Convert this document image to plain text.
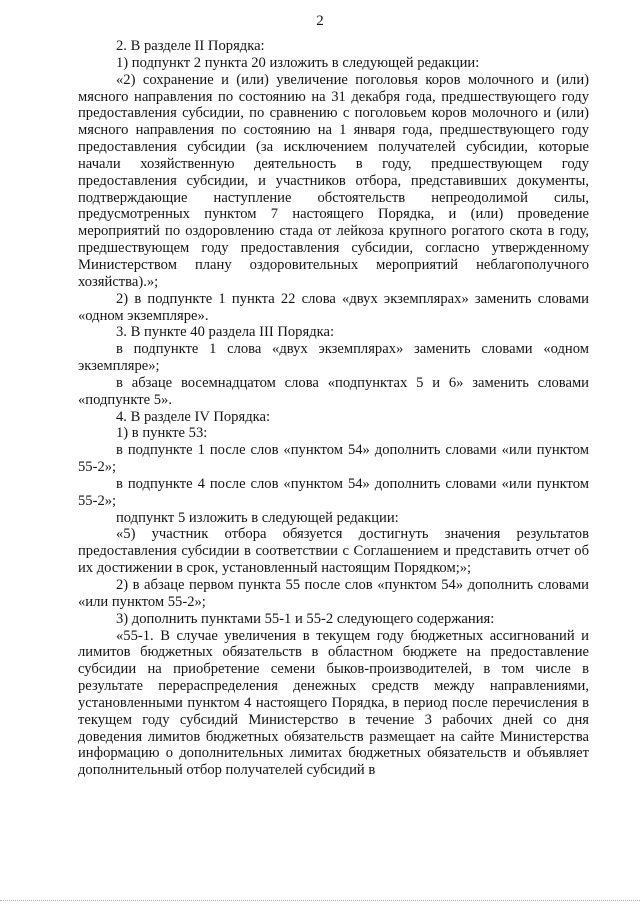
2

2. В разделе II Порядка:

1) подпункт 2 пункта 20 изложить в следующей редакции:

«2) сохранение и (или) увеличение поголовья коров молочного и (или) мясного направления по состоянию на 31 декабря года, предшествующего году предоставления субсидии, по сравнению с поголовьем коров молочного и (или) мясного направления по состоянию на 1 января года, предшествующего году предоставления субсидии (за исключением получателей субсидии, которые начали хозяйственную деятельность в году, предшествующем году предоставления субсидии, и участников отбора, представивших документы, подтверждающие наступление обстоятельств непреодолимой силы, предусмотренных пунктом 7 настоящего Порядка, и (или) проведение мероприятий по оздоровлению стада от лейкоза крупного рогатого скота в году, предшествующем году предоставления субсидии, согласно утвержденному Министерством плану оздоровительных мероприятий неблагополучного хозяйства).»;

2) в подпункте 1 пункта 22 слова «двух экземплярах» заменить словами «одном экземпляре».

3. В пункте 40 раздела III Порядка:

в подпункте 1 слова «двух экземплярах» заменить словами «одном экземпляре»;

в абзаце восемнадцатом слова «подпунктах 5 и 6» заменить словами «подпункте 5».

4. В разделе IV Порядка:

1) в пункте 53:

в подпункте 1 после слов «пунктом 54» дополнить словами «или пунктом 55-2»;

в подпункте 4 после слов «пунктом 54» дополнить словами «или пунктом 55-2»;

подпункт 5 изложить в следующей редакции:

«5) участник отбора обязуется достигнуть значения результатов предоставления субсидии в соответствии с Соглашением и представить отчет об их достижении в срок, установленный настоящим Порядком;»;

2) в абзаце первом пункта 55 после слов «пунктом 54» дополнить словами «или пунктом 55-2»;

3) дополнить пунктами 55-1 и 55-2 следующего содержания:

«55-1. В случае увеличения в текущем году бюджетных ассигнований и лимитов бюджетных обязательств в областном бюджете на предоставление субсидии на приобретение семени быков-производителей, в том числе в результате перераспределения денежных средств между направлениями, установленными пунктом 4 настоящего Порядка, в период после перечисления в текущем году субсидий Министерство в течение 3 рабочих дней со дня доведения лимитов бюджетных обязательств размещает на сайте Министерства информацию о дополнительных лимитах бюджетных обязательств и объявляет дополнительный отбор получателей субсидий в
